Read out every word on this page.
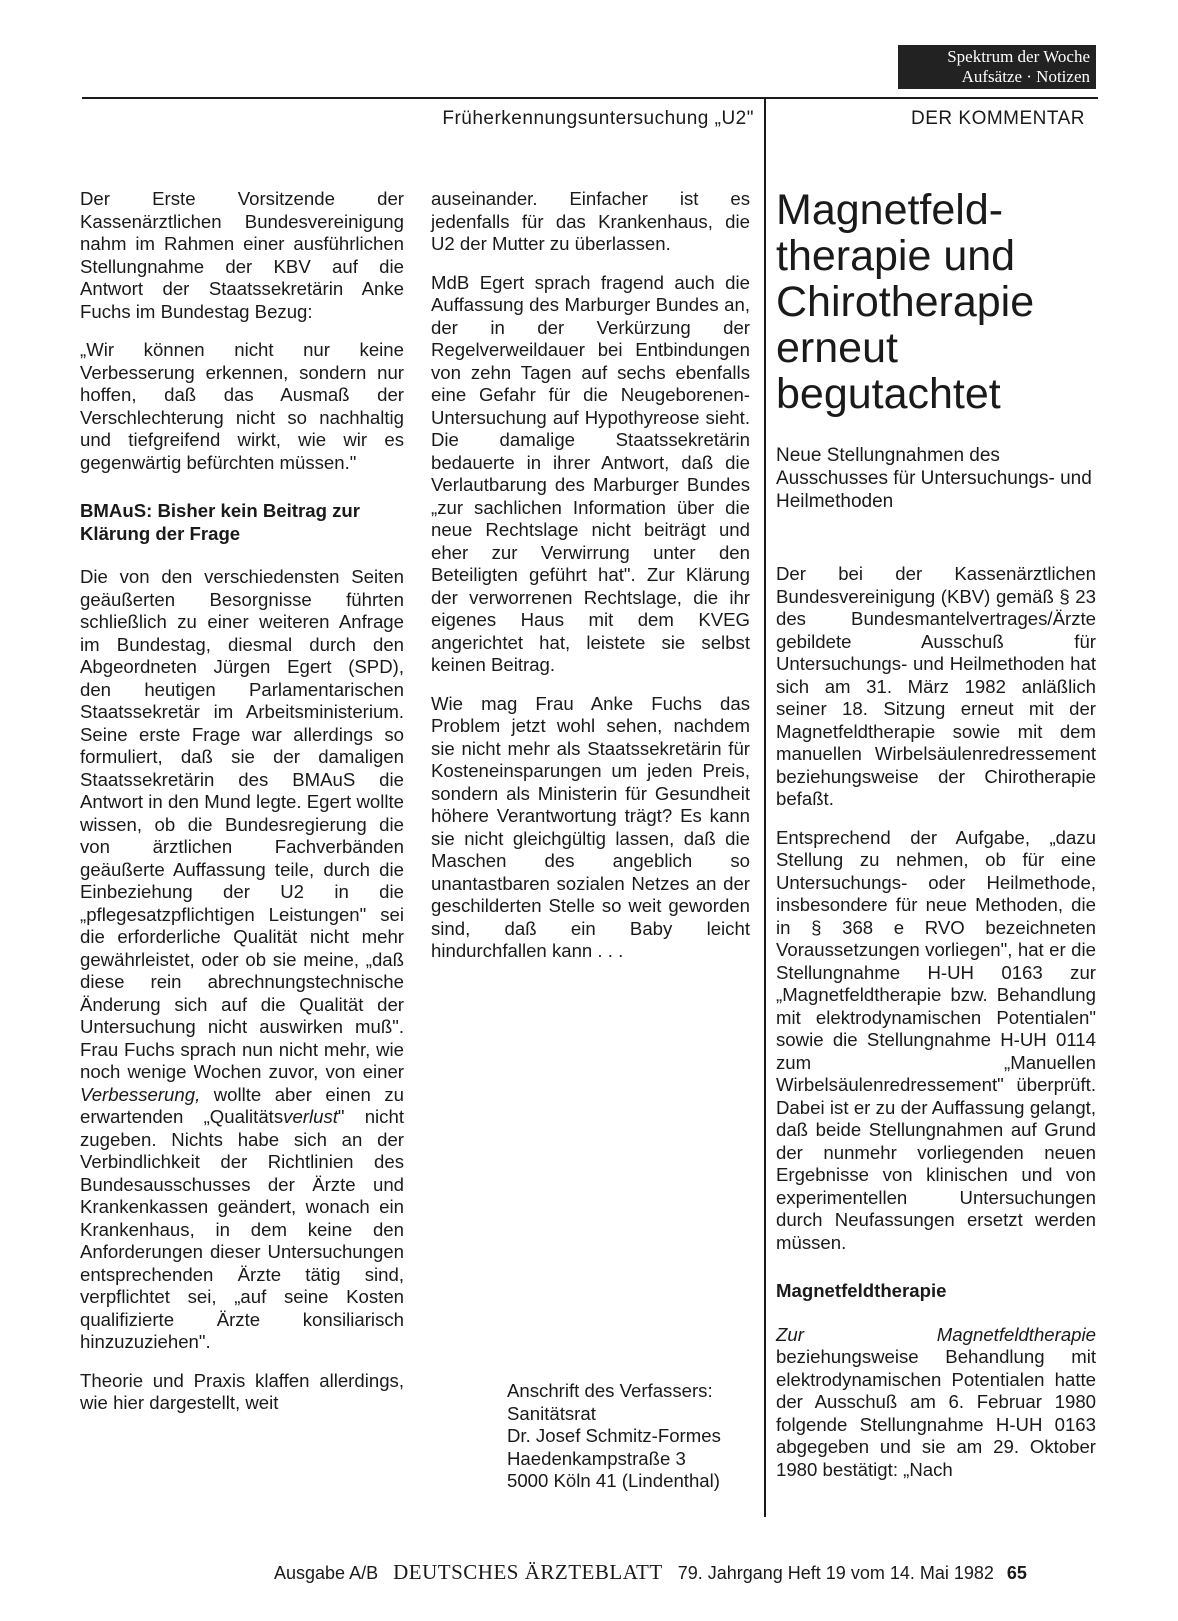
Spektrum der Woche
Aufsätze · Notizen
Früherkennungsuntersuchung „U2"	DER KOMMENTAR

Der Erste Vorsitzende der Kassenärztlichen Bundesvereinigung nahm im Rahmen einer ausführlichen Stellungnahme der KBV auf die Antwort der Staatssekretärin Anke Fuchs im Bundestag Bezug:

„Wir können nicht nur keine Verbesserung erkennen, sondern nur hoffen, daß das Ausmaß der Verschlechterung nicht so nachhaltig und tiefgreifend wirkt, wie wir es gegenwärtig befürchten müssen."

BMAuS: Bisher kein Beitrag zur Klärung der Frage

Die von den verschiedensten Seiten geäußerten Besorgnisse führten schließlich zu einer weiteren Anfrage im Bundestag, diesmal durch den Abgeordneten Jürgen Egert (SPD), den heutigen Parlamentarischen Staatssekretär im Arbeitsministerium. Seine erste Frage war allerdings so formuliert, daß sie der damaligen Staatssekretärin des BMAuS die Antwort in den Mund legte. Egert wollte wissen, ob die Bundesregierung die von ärztlichen Fachverbänden geäußerte Auffassung teile, durch die Einbeziehung der U2 in die „pflegesatzpflichtigen Leistungen" sei die erforderliche Qualität nicht mehr gewährleistet, oder ob sie meine, „daß diese rein abrechnungstechnische Änderung sich auf die Qualität der Untersuchung nicht auswirken muß". Frau Fuchs sprach nun nicht mehr, wie noch wenige Wochen zuvor, von einer Verbesserung, wollte aber einen zu erwartenden „Qualitätsverlust" nicht zugeben. Nichts habe sich an der Verbindlichkeit der Richtlinien des Bundesausschusses der Ärzte und Krankenkassen geändert, wonach ein Krankenhaus, in dem keine den Anforderungen dieser Untersuchungen entsprechenden Ärzte tätig sind, verpflichtet sei, „auf seine Kosten qualifizierte Ärzte konsiliarisch hinzuzuziehen".

Theorie und Praxis klaffen allerdings, wie hier dargestellt, weit

auseinander. Einfacher ist es jedenfalls für das Krankenhaus, die U2 der Mutter zu überlassen.

MdB Egert sprach fragend auch die Auffassung des Marburger Bundes an, der in der Verkürzung der Regelverweildauer bei Entbindungen von zehn Tagen auf sechs ebenfalls eine Gefahr für die Neugeborenen-Untersuchung auf Hypothyreose sieht. Die damalige Staatssekretärin bedauerte in ihrer Antwort, daß die Verlautbarung des Marburger Bundes „zur sachlichen Information über die neue Rechtslage nicht beiträgt und eher zur Verwirrung unter den Beteiligten geführt hat". Zur Klärung der verworrenen Rechtslage, die ihr eigenes Haus mit dem KVEG angerichtet hat, leistete sie selbst keinen Beitrag.

Wie mag Frau Anke Fuchs das Problem jetzt wohl sehen, nachdem sie nicht mehr als Staatssekretärin für Kosteneinsparungen um jeden Preis, sondern als Ministerin für Gesundheit höhere Verantwortung trägt? Es kann sie nicht gleichgültig lassen, daß die Maschen des angeblich so unantastbaren sozialen Netzes an der geschilderten Stelle so weit geworden sind, daß ein Baby leicht hindurchfallen kann . . .

Anschrift des Verfassers:
Sanitätsrat
Dr. Josef Schmitz-Formes
Haedenkampstraße 3
5000 Köln 41 (Lindenthal)
Magnetfeld-
therapie und
Chirotherapie
erneut
begutachtet
Neue Stellungnahmen des Ausschusses für Untersuchungs- und Heilmethoden

Der bei der Kassenärztlichen Bundesvereinigung (KBV) gemäß § 23 des Bundesmantelvertrages/Ärzte gebildete Ausschuß für Untersuchungs- und Heilmethoden hat sich am 31. März 1982 anläßlich seiner 18. Sitzung erneut mit der Magnetfeldtherapie sowie mit dem manuellen Wirbelsäulenredressement beziehungsweise der Chirotherapie befaßt.

Entsprechend der Aufgabe, „dazu Stellung zu nehmen, ob für eine Untersuchungs- oder Heilmethode, insbesondere für neue Methoden, die in § 368 e RVO bezeichneten Voraussetzungen vorliegen", hat er die Stellungnahme H-UH 0163 zur „Magnetfeldtherapie bzw. Behandlung mit elektrodynamischen Potentialen" sowie die Stellungnahme H-UH 0114 zum „Manuellen Wirbelsäulenredressement" überprüft. Dabei ist er zu der Auffassung gelangt, daß beide Stellungnahmen auf Grund der nunmehr vorliegenden neuen Ergebnisse von klinischen und von experimentellen Untersuchungen durch Neufassungen ersetzt werden müssen.

Magnetfeldtherapie

Zur Magnetfeldtherapie beziehungsweise Behandlung mit elektrodynamischen Potentialen hatte der Ausschuß am 6. Februar 1980 folgende Stellungnahme H-UH 0163 abgegeben und sie am 29. Oktober 1980 bestätigt: „Nach

Ausgabe A/B DEUTSCHES ÄRZTEBLATT 79. Jahrgang Heft 19 vom 14. Mai 1982 65
